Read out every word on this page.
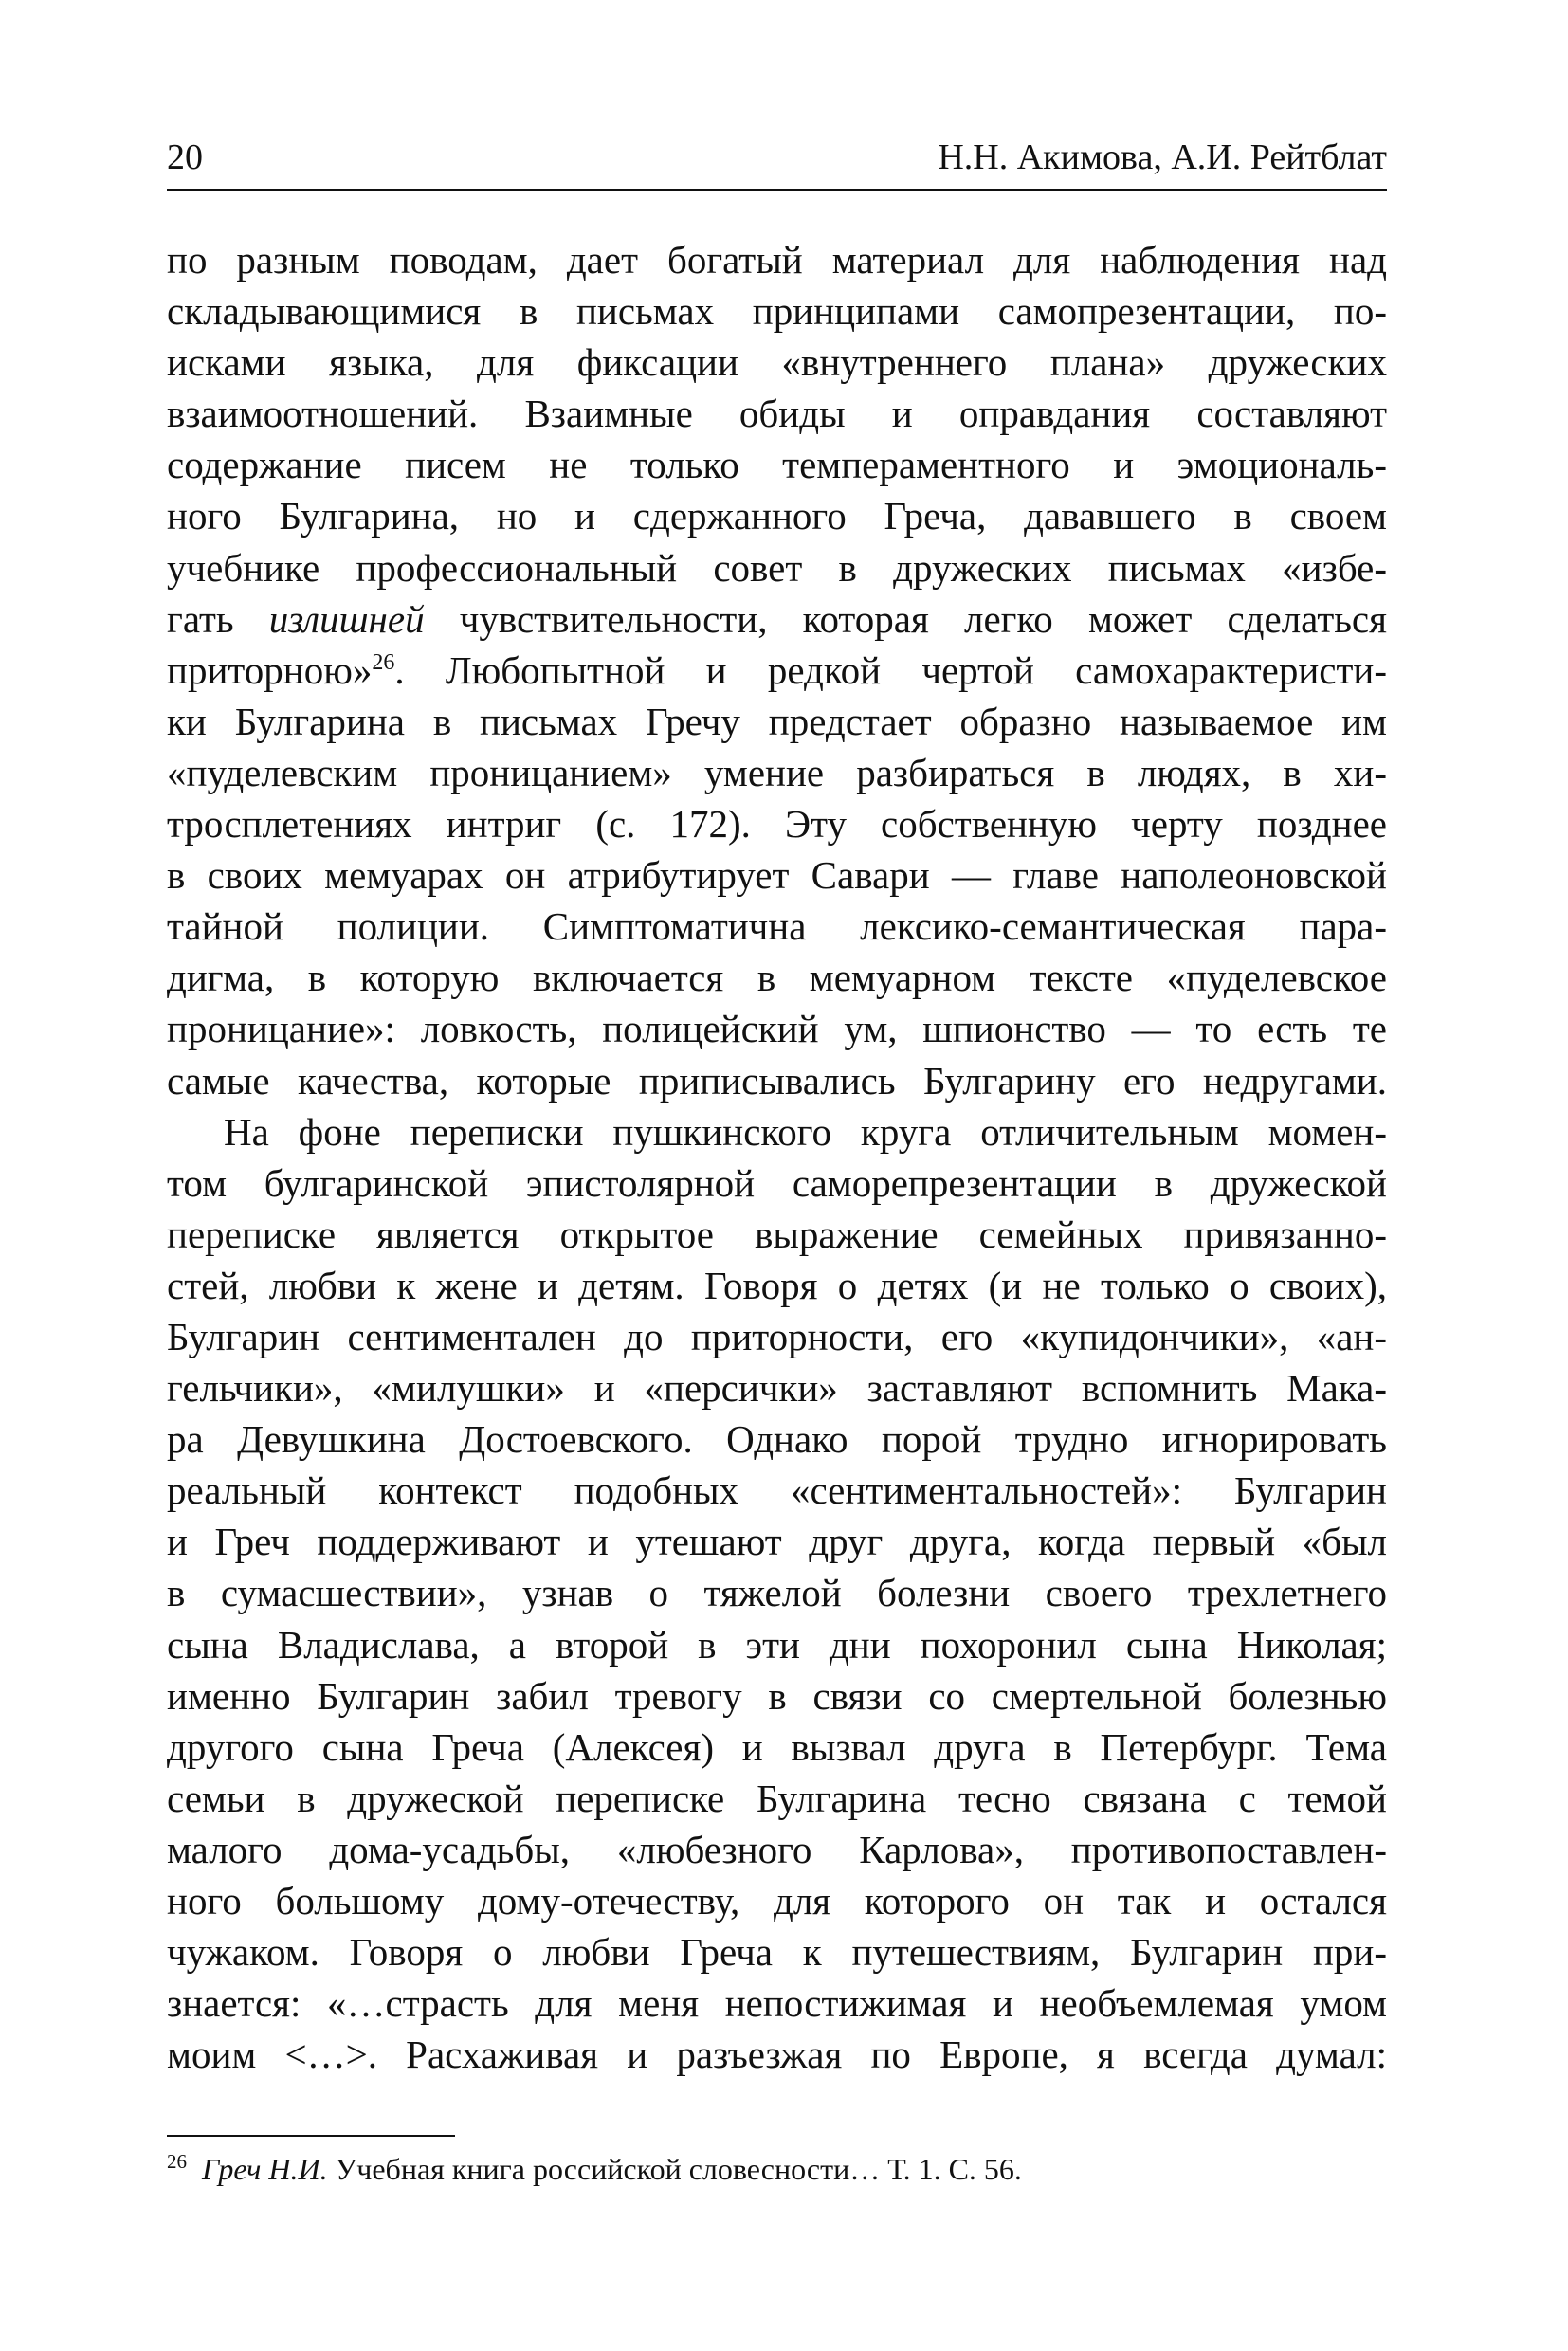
20	Н.Н. Акимова, А.И. Рейтблат
по разным поводам, дает богатый материал для наблюдения над
складывающимися в письмах принципами самопрезентации, по-
исками языка, для фиксации «внутреннего плана» дружеских
взаимоотношений. Взаимные обиды и оправдания составляют
содержание писем не только темпераментного и эмоциональ-
ного Булгарина, но и сдержанного Греча, дававшего в своем
учебнике профессиональный совет в дружеских письмах «избе-
гать излишней чувствительности, которая легко может сделаться
приторною»$^{26}$. Любопытной и редкой чертой самохарактеристи-
ки Булгарина в письмах Гречу предстает образно называемое им
«пуделевским проницанием» умение разбираться в людях, в хи-
тросплетениях интриг (с. 172). Эту собственную черту позднее
в своих мемуарах он атрибутирует Савари — главе наполеоновской
тайной полиции. Симптоматична лексико-семантическая пара-
дигма, в которую включается в мемуарном тексте «пуделевское
проницание»: ловкость, полицейский ум, шпионство — то есть те
самые качества, которые приписывались Булгарину его недругами.
На фоне переписки пушкинского круга отличительным момен-
том булгаринской эпистолярной саморепрезентации в дружеской
переписке является открытое выражение семейных привязанно-
стей, любви к жене и детям. Говоря о детях (и не только о своих),
Булгарин сентиментален до приторности, его «купидончики», «ан-
гельчики», «милушки» и «персички» заставляют вспомнить Мака-
ра Девушкина Достоевского. Однако порой трудно игнорировать
реальный контекст подобных «сентиментальностей»: Булгарин
и Греч поддерживают и утешают друг друга, когда первый «был
в сумасшествии», узнав о тяжелой болезни своего трехлетнего
сына Владислава, а второй в эти дни похоронил сына Николая;
именно Булгарин забил тревогу в связи со смертельной болезнью
другого сына Греча (Алексея) и вызвал друга в Петербург. Тема
семьи в дружеской переписке Булгарина тесно связана с темой
малого дома-усадьбы, «любезного Карлова», противопоставлен-
ного большому дому-отечеству, для которого он так и остался
чужаком. Говоря о любви Греча к путешествиям, Булгарин при-
знается: «…страсть для меня непостижимая и необъемлемая умом
моим <…>. Расхаживая и разъезжая по Европе, я всегда думал:
$^{26}$ Греч Н.И. Учебная книга российской словесности… Т. 1. С. 56.
